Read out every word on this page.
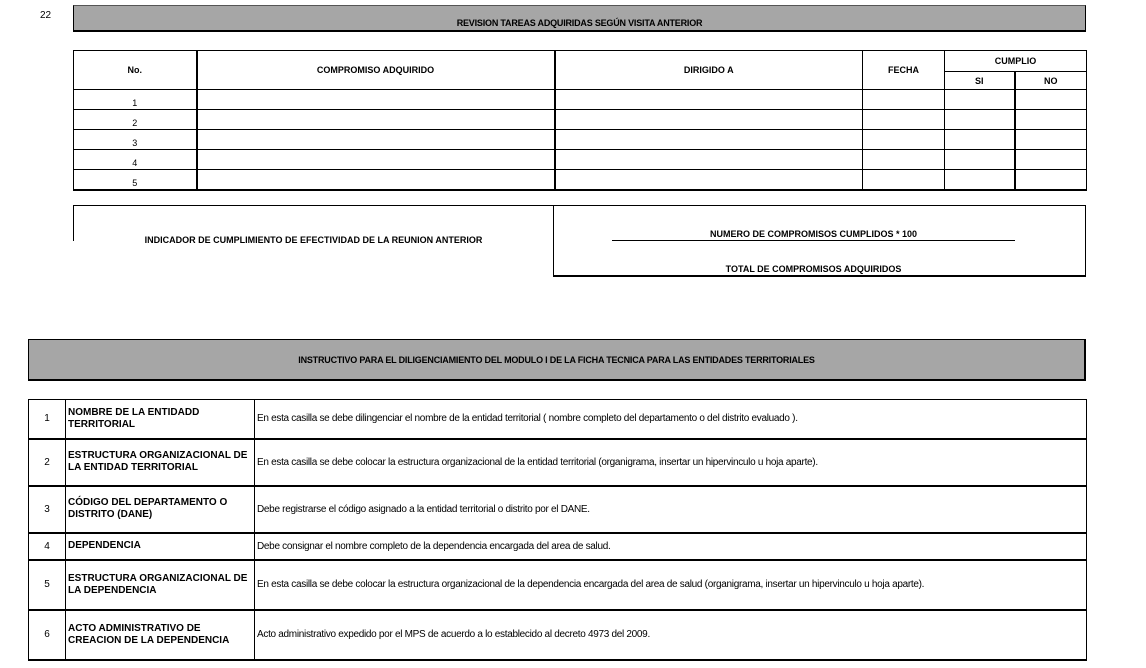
22
REVISION TAREAS ADQUIRIDAS SEGÚN VISITA ANTERIOR
No.	COMPROMISO ADQUIRIDO	DIRIGIDO A	FECHA	CUMPLIO	
				SI	NO
1					
2					
3					
4					
5					
INDICADOR DE CUMPLIMIENTO DE EFECTIVIDAD DE LA REUNION ANTERIOR
NUMERO DE COMPROMISOS CUMPLIDOS * 100
TOTAL DE COMPROMISOS ADQUIRIDOS
INSTRUCTIVO PARA EL DILIGENCIAMIENTO DEL MODULO I DE LA FICHA TECNICA PARA LAS ENTIDADES TERRITORIALES
1	NOMBRE DE LA ENTIDADD TERRITORIAL	En esta casilla se debe dilingenciar el nombre de la entidad territorial ( nombre completo del departamento o del distrito evaluado ).
2	ESTRUCTURA ORGANIZACIONAL DE LA ENTIDAD TERRITORIAL	En esta casilla se debe colocar la estructura organizacional de la entidad territorial (organigrama, insertar un hipervinculo u hoja aparte).
3	CÓDIGO DEL DEPARTAMENTO O DISTRITO (DANE)	Debe registrarse el código asignado a la entidad territorial o distrito por el DANE.
4	DEPENDENCIA	Debe consignar el nombre completo de la dependencia encargada del area de salud.
5	ESTRUCTURA ORGANIZACIONAL DE LA DEPENDENCIA	En esta casilla se debe colocar la estructura organizacional de la dependencia encargada del area de salud (organigrama, insertar un hipervinculo u hoja aparte).
6	ACTO ADMINISTRATIVO DE CREACION DE LA DEPENDENCIA	Acto administrativo expedido por el MPS de acuerdo a lo establecido al decreto 4973 del 2009.
